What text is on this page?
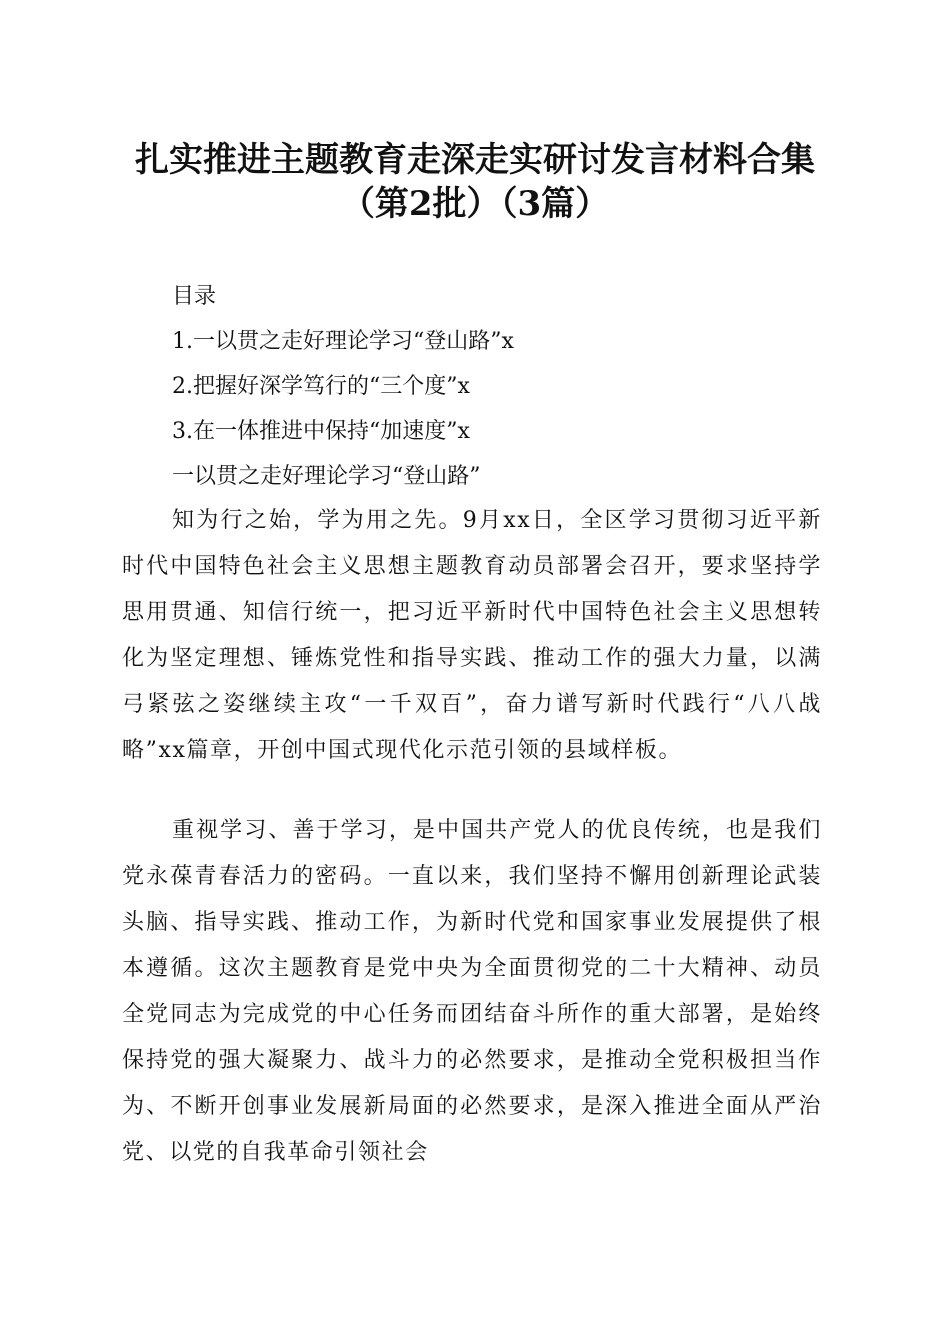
扎实推进主题教育走深走实研讨发言材料合集
（第2批）（3篇）
目录
1.一以贯之走好理论学习“登山路”x
2.把握好深学笃行的“三个度”x
3.在一体推进中保持“加速度”x
一以贯之走好理论学习“登山路”

知为行之始，学为用之先。9月xx日，全区学习贯彻习近平新时代中国特色社会主义思想主题教育动员部署会召开，要求坚持学思用贯通、知信行统一，把习近平新时代中国特色社会主义思想转化为坚定理想、锤炼党性和指导实践、推动工作的强大力量，以满弓紧弦之姿继续主攻“一千双百”，奋力谱写新时代践行“八八战略”xx篇章，开创中国式现代化示范引领的县域样板。

重视学习、善于学习，是中国共产党人的优良传统，也是我们党永葆青春活力的密码。一直以来，我们坚持不懈用创新理论武装头脑、指导实践、推动工作，为新时代党和国家事业发展提供了根本遵循。这次主题教育是党中央为全面贯彻党的二十大精神、动员全党同志为完成党的中心任务而团结奋斗所作的重大部署，是始终保持党的强大凝聚力、战斗力的必然要求，是推动全党积极担当作为、不断开创事业发展新局面的必然要求，是深入推进全面从严治党、以党的自我革命引领社会
